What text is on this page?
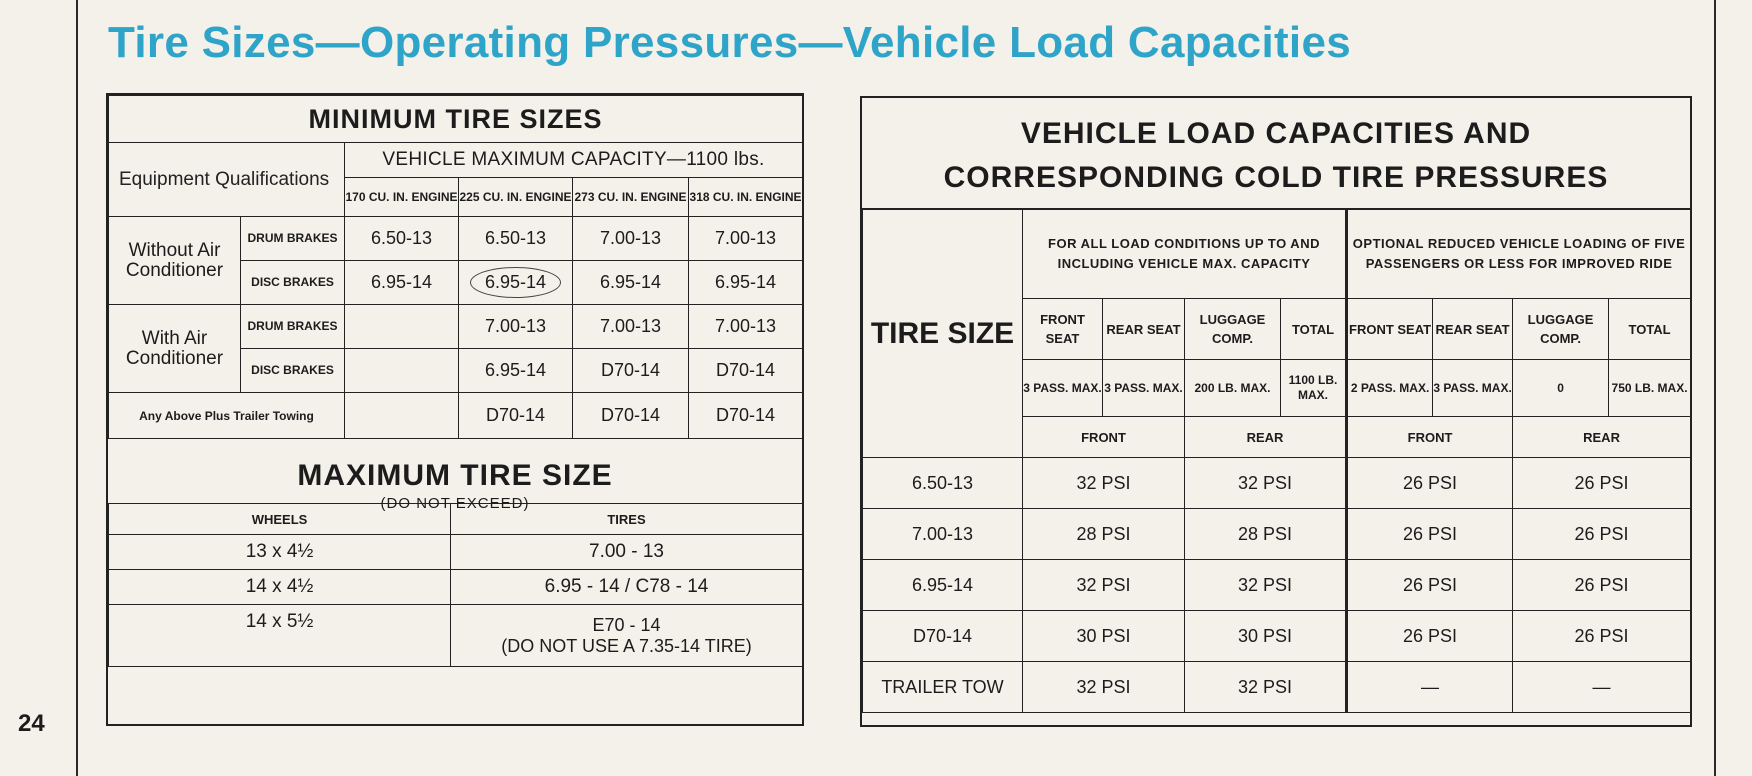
24
Tire Sizes—Operating Pressures—Vehicle Load Capacities
MINIMUM TIRE SIZES					
Equipment Qualifications		VEHICLE MAXIMUM CAPACITY—1100 lbs.			
		170 CU. IN. ENGINE	225 CU. IN. ENGINE	273 CU. IN. ENGINE	318 CU. IN. ENGINE
Without Air Conditioner	DRUM BRAKES	6.50-13	6.50-13	7.00-13	7.00-13
	DISC BRAKES	6.95-14	6.95-14	6.95-14	6.95-14
With Air Conditioner	DRUM BRAKES		7.00-13	7.00-13	7.00-13
	DISC BRAKES		6.95-14	D70-14	D70-14
Any Above Plus Trailer Towing			D70-14	D70-14	D70-14
MAXIMUM TIRE SIZE
(DO NOT EXCEED)
WHEELS	TIRES
13 x 4½	7.00 - 13
14 x 4½	6.95 - 14 / C78 - 14
14 x 5½	E70 - 14
(DO NOT USE A 7.35-14 TIRE)
VEHICLE LOAD CAPACITIES AND
CORRESPONDING COLD TIRE PRESSURES
TIRE SIZE	FOR ALL LOAD CONDITIONS UP TO AND INCLUDING VEHICLE MAX. CAPACITY				OPTIONAL REDUCED VEHICLE LOADING OF FIVE PASSENGERS OR LESS FOR IMPROVED RIDE			
	FRONT SEAT	REAR SEAT	LUGGAGE COMP.	TOTAL	FRONT SEAT	REAR SEAT	LUGGAGE COMP.	TOTAL
	3 PASS. MAX.	3 PASS. MAX.	200 LB. MAX.	1100 LB. MAX.	2 PASS. MAX.	3 PASS. MAX.	0	750 LB. MAX.
	FRONT		REAR		FRONT		REAR	
6.50-13	32 PSI		32 PSI		26 PSI		26 PSI	
7.00-13	28 PSI		28 PSI		26 PSI		26 PSI	
6.95-14	32 PSI		32 PSI		26 PSI		26 PSI	
D70-14	30 PSI		30 PSI		26 PSI		26 PSI	
TRAILER TOW	32 PSI		32 PSI		—		—	
